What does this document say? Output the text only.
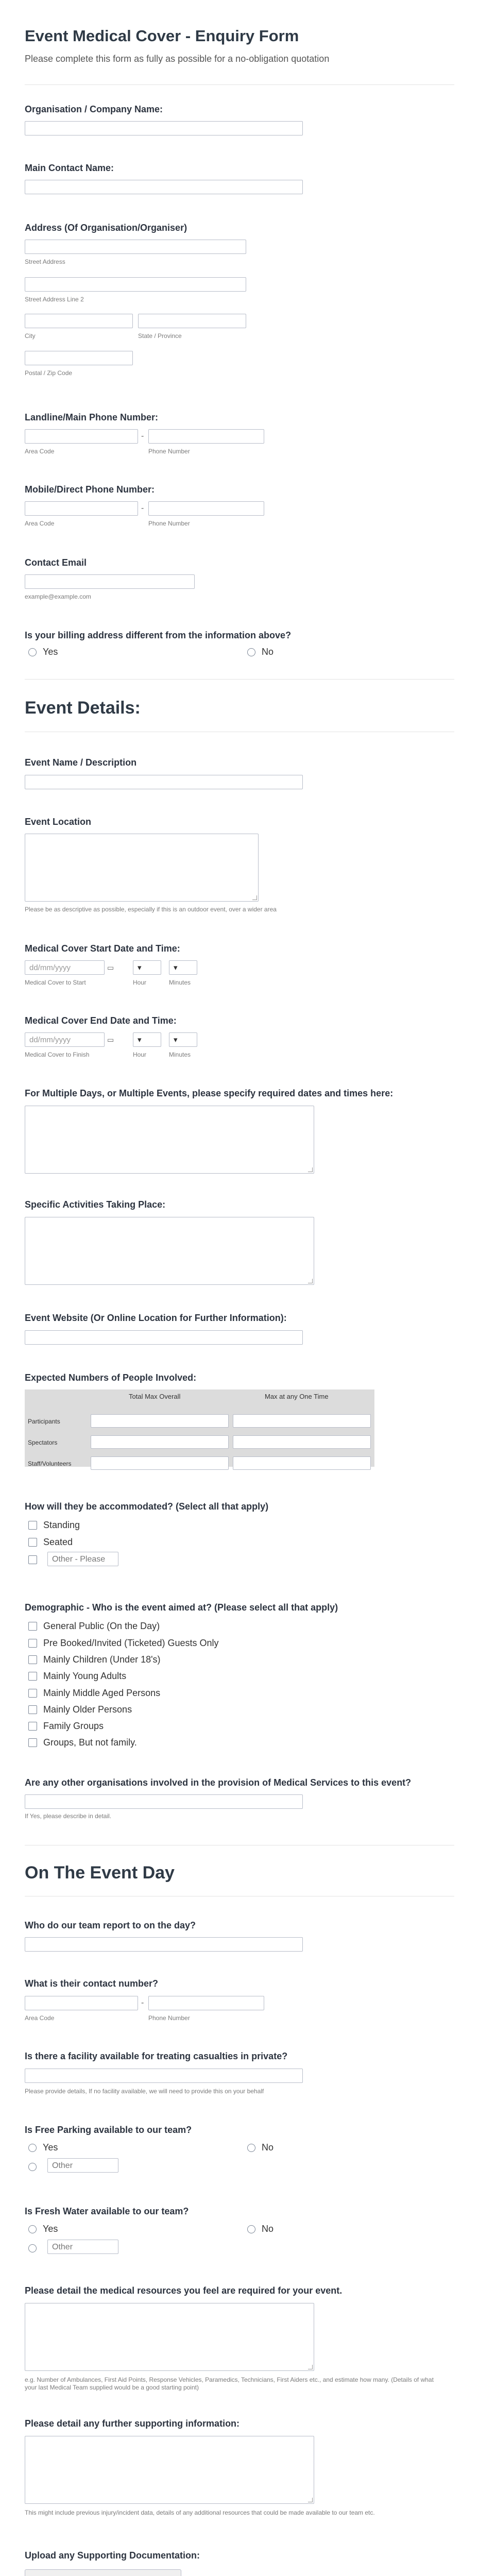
Event Medical Cover - Enquiry Form
Please complete this form as fully as possible for a no-obligation quotation
Organisation / Company Name:
Main Contact Name:
Address (Of Organisation/Organiser)
Street Address
Street Address Line 2
City	State / Province
Postal / Zip Code
Landline/Main Phone Number:
-
Area Code	Phone Number
Mobile/Direct Phone Number:
-
Area Code	Phone Number
Contact Email
example@example.com
Is your billing address different from the information above?
Yes	No
Event Details:
Event Name / Description
Event Location
Please be as descriptive as possible, especially if this is an outdoor event, over a wider area
Medical Cover Start Date and Time:
dd/mm/yyyy	▭	▾	▾
Medical Cover to Start	Hour	Minutes
Medical Cover End Date and Time:
dd/mm/yyyy	▭	▾	▾
Medical Cover to Finish	Hour	Minutes
For Multiple Days, or Multiple Events, please specify required dates and times here:
Specific Activities Taking Place:
Event Website (Or Online Location for Further Information):
Expected Numbers of People Involved:
Total Max Overall	Max at any One Time
Participants
Spectators
Staff/Volunteers
How will they be accommodated? (Select all that apply)
Standing
Seated
Other - Please
Demographic - Who is the event aimed at? (Please select all that apply)
General Public (On the Day)
Pre Booked/Invited (Ticketed) Guests Only
Mainly Children (Under 18's)
Mainly Young Adults
Mainly Middle Aged Persons
Mainly Older Persons
Family Groups
Groups, But not family.
Are any other organisations involved in the provision of Medical Services to this event?
If Yes, please describe in detail.
On The Event Day
Who do our team report to on the day?
What is their contact number?
-
Area Code	Phone Number
Is there a facility available for treating casualties in private?
Please provide details, If no facility available, we will need to provide this on your behalf
Is Free Parking available to our team?
Yes	No
Other
Is Fresh Water available to our team?
Yes	No
Other
Please detail the medical resources you feel are required for your event.
e.g. Number of Ambulances, First Aid Points, Response Vehicles, Paramedics, Technicians, First Aiders etc., and estimate how many. (Details of what your last Medical Team supplied would be a good starting point)
Please detail any further supporting information:
This might include previous injury/incident data, details of any additional resources that could be made available to our team etc.
Upload any Supporting Documentation:
